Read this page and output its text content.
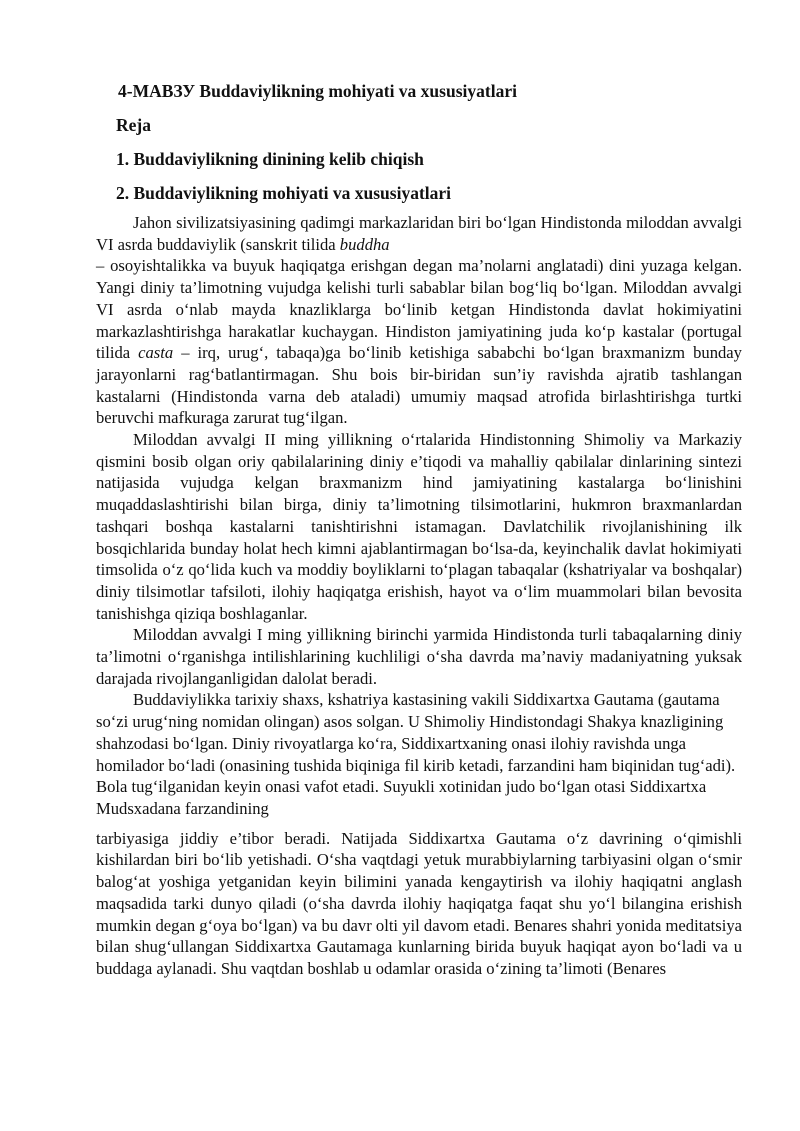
4-МАВЗУ Buddaviylikning mohiyati va xususiyatlari

Reja

1. Buddaviylikning dinining kelib chiqish

2. Buddaviylikning mohiyati va xususiyatlari

Jahon sivilizatsiyasining qadimgi markazlaridan biri bo‘lgan Hindistonda miloddan avvalgi VI asrda buddaviylik (sanskrit tilida buddha
– osoyishtalikka va buyuk haqiqatga erishgan degan ma’nolarni anglatadi) dini yuzaga kelgan. Yangi diniy ta’limotning vujudga kelishi turli sabablar bilan bog‘liq bo‘lgan. Miloddan avvalgi VI asrda o‘nlab mayda knazliklarga bo‘linib ketgan Hindistonda davlat hokimiyatini markazlashtirishga harakatlar kuchaygan. Hindiston jamiyatining juda ko‘p kastalar (portugal tilida casta – irq, urug‘, tabaqa)ga bo‘linib ketishiga sababchi bo‘lgan braxmanizm bunday jarayonlarni rag‘batlantirmagan. Shu bois bir-biridan sun’iy ravishda ajratib tashlangan kastalarni (Hindistonda varna deb ataladi) umumiy maqsad atrofida birlashtirishga turtki beruvchi mafkuraga zarurat tug‘ilgan.

Miloddan avvalgi II ming yillikning o‘rtalarida Hindistonning Shimoliy va Markaziy qismini bosib olgan oriy qabilalarining diniy e’tiqodi va mahalliy qabilalar dinlarining sintezi natijasida vujudga kelgan braxmanizm hind jamiyatining kastalarga bo‘linishini muqaddaslashtirishi bilan birga, diniy ta’limotning tilsimotlarini, hukmron braxmanlardan tashqari boshqa kastalarni tanishtirishni istamagan. Davlatchilik rivojlanishining ilk bosqichlarida bunday holat hech kimni ajablantirmagan bo‘lsa-da, keyinchalik davlat hokimiyati timsolida o‘z qo‘lida kuch va moddiy boyliklarni to‘plagan tabaqalar (kshatriyalar va boshqalar) diniy tilsimotlar tafsiloti, ilohiy haqiqatga erishish, hayot va o‘lim muammolari bilan bevosita tanishishga qiziqa boshlaganlar.

Miloddan avvalgi I ming yillikning birinchi yarmida Hindistonda turli tabaqalarning diniy ta’limotni o‘rganishga intilishlarining kuchliligi o‘sha davrda ma’naviy madaniyatning yuksak darajada rivojlanganligidan dalolat beradi.

Buddaviylikka tarixiy shaxs, kshatriya kastasining vakili Siddixartxa Gautama (gautama so‘zi urug‘ning nomidan olingan) asos solgan. U Shimoliy Hindistondagi Shakya knazligining shahzodasi bo‘lgan. Diniy rivoyatlarga ko‘ra, Siddixartxaning onasi ilohiy ravishda unga homilador bo‘ladi (onasining tushida biqiniga fil kirib ketadi, farzandini ham biqinidan tug‘adi). Bola tug‘ilganidan keyin onasi vafot etadi. Suyukli xotinidan judo bo‘lgan otasi Siddixartxa Mudsxadana farzandining

tarbiyasiga jiddiy e’tibor beradi. Natijada Siddixartxa Gautama o‘z davrining o‘qimishli kishilardan biri bo‘lib yetishadi. O‘sha vaqtdagi yetuk murabbiylarning tarbiyasini olgan o‘smir balog‘at yoshiga yetganidan keyin bilimini yanada kengaytirish va ilohiy haqiqatni anglash maqsadida tarki dunyo qiladi (o‘sha davrda ilohiy haqiqatga faqat shu yo‘l bilangina erishish mumkin degan g‘oya bo‘lgan) va bu davr olti yil davom etadi. Benares shahri yonida meditatsiya bilan shug‘ullangan Siddixartxa Gautamaga kunlarning birida buyuk haqiqat ayon bo‘ladi va u buddaga aylanadi. Shu vaqtdan boshlab u odamlar orasida o‘zining ta’limoti (Benares
